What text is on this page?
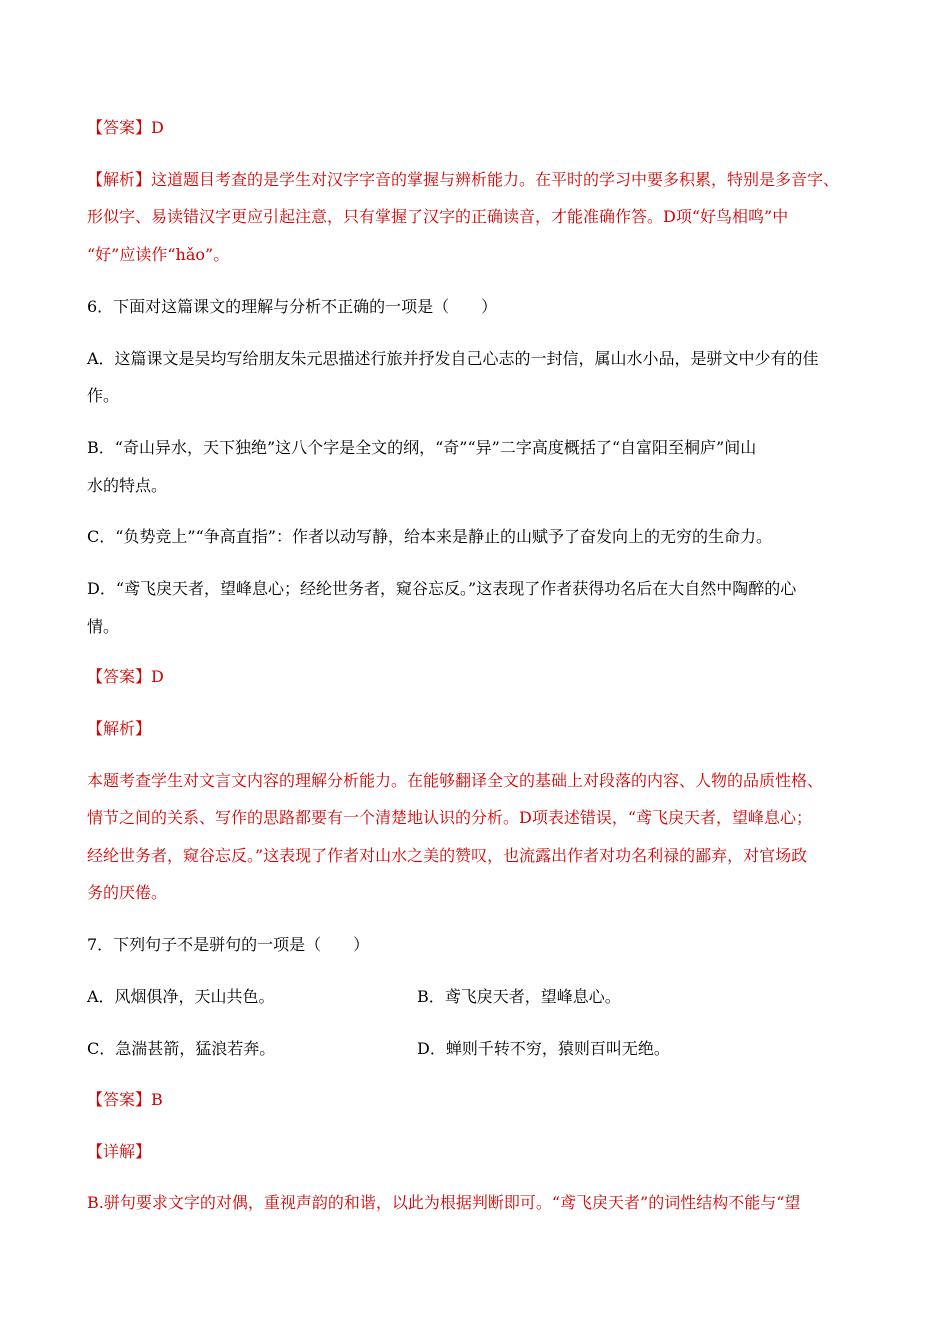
【答案】D
【解析】这道题目考查的是学生对汉字字音的掌握与辨析能力。在平时的学习中要多积累，特别是多音字、
形似字、易读错汉字更应引起注意，只有掌握了汉字的正确读音，才能准确作答。D项“好鸟相鸣”中
“好”应读作“hǎo”。
6．下面对这篇课文的理解与分析不正确的一项是（　　）
A．这篇课文是吴均写给朋友朱元思描述行旅并抒发自己心志的一封信，属山水小品，是骈文中少有的佳
作。
B．“奇山异水，天下独绝”这八个字是全文的纲，“奇”“异”二字高度概括了“自富阳至桐庐”间山
水的特点。
C．“负势竞上”“争高直指”：作者以动写静，给本来是静止的山赋予了奋发向上的无穷的生命力。
D．“鸢飞戾天者，望峰息心；经纶世务者，窥谷忘反。”这表现了作者获得功名后在大自然中陶醉的心
情。
【答案】D
【解析】
本题考查学生对文言文内容的理解分析能力。在能够翻译全文的基础上对段落的内容、人物的品质性格、
情节之间的关系、写作的思路都要有一个清楚地认识的分析。D项表述错误，“鸢飞戾天者，望峰息心；
经纶世务者，窥谷忘反。”这表现了作者对山水之美的赞叹，也流露出作者对功名利禄的鄙弃，对官场政
务的厌倦。
7．下列句子不是骈句的一项是（　　）
A．风烟俱净，天山共色。	B．鸢飞戾天者，望峰息心。
C．急湍甚箭，猛浪若奔。	D．蝉则千转不穷，猿则百叫无绝。
【答案】B
【详解】
B.骈句要求文字的对偶，重视声韵的和谐，以此为根据判断即可。“鸢飞戾天者”的词性结构不能与“望
